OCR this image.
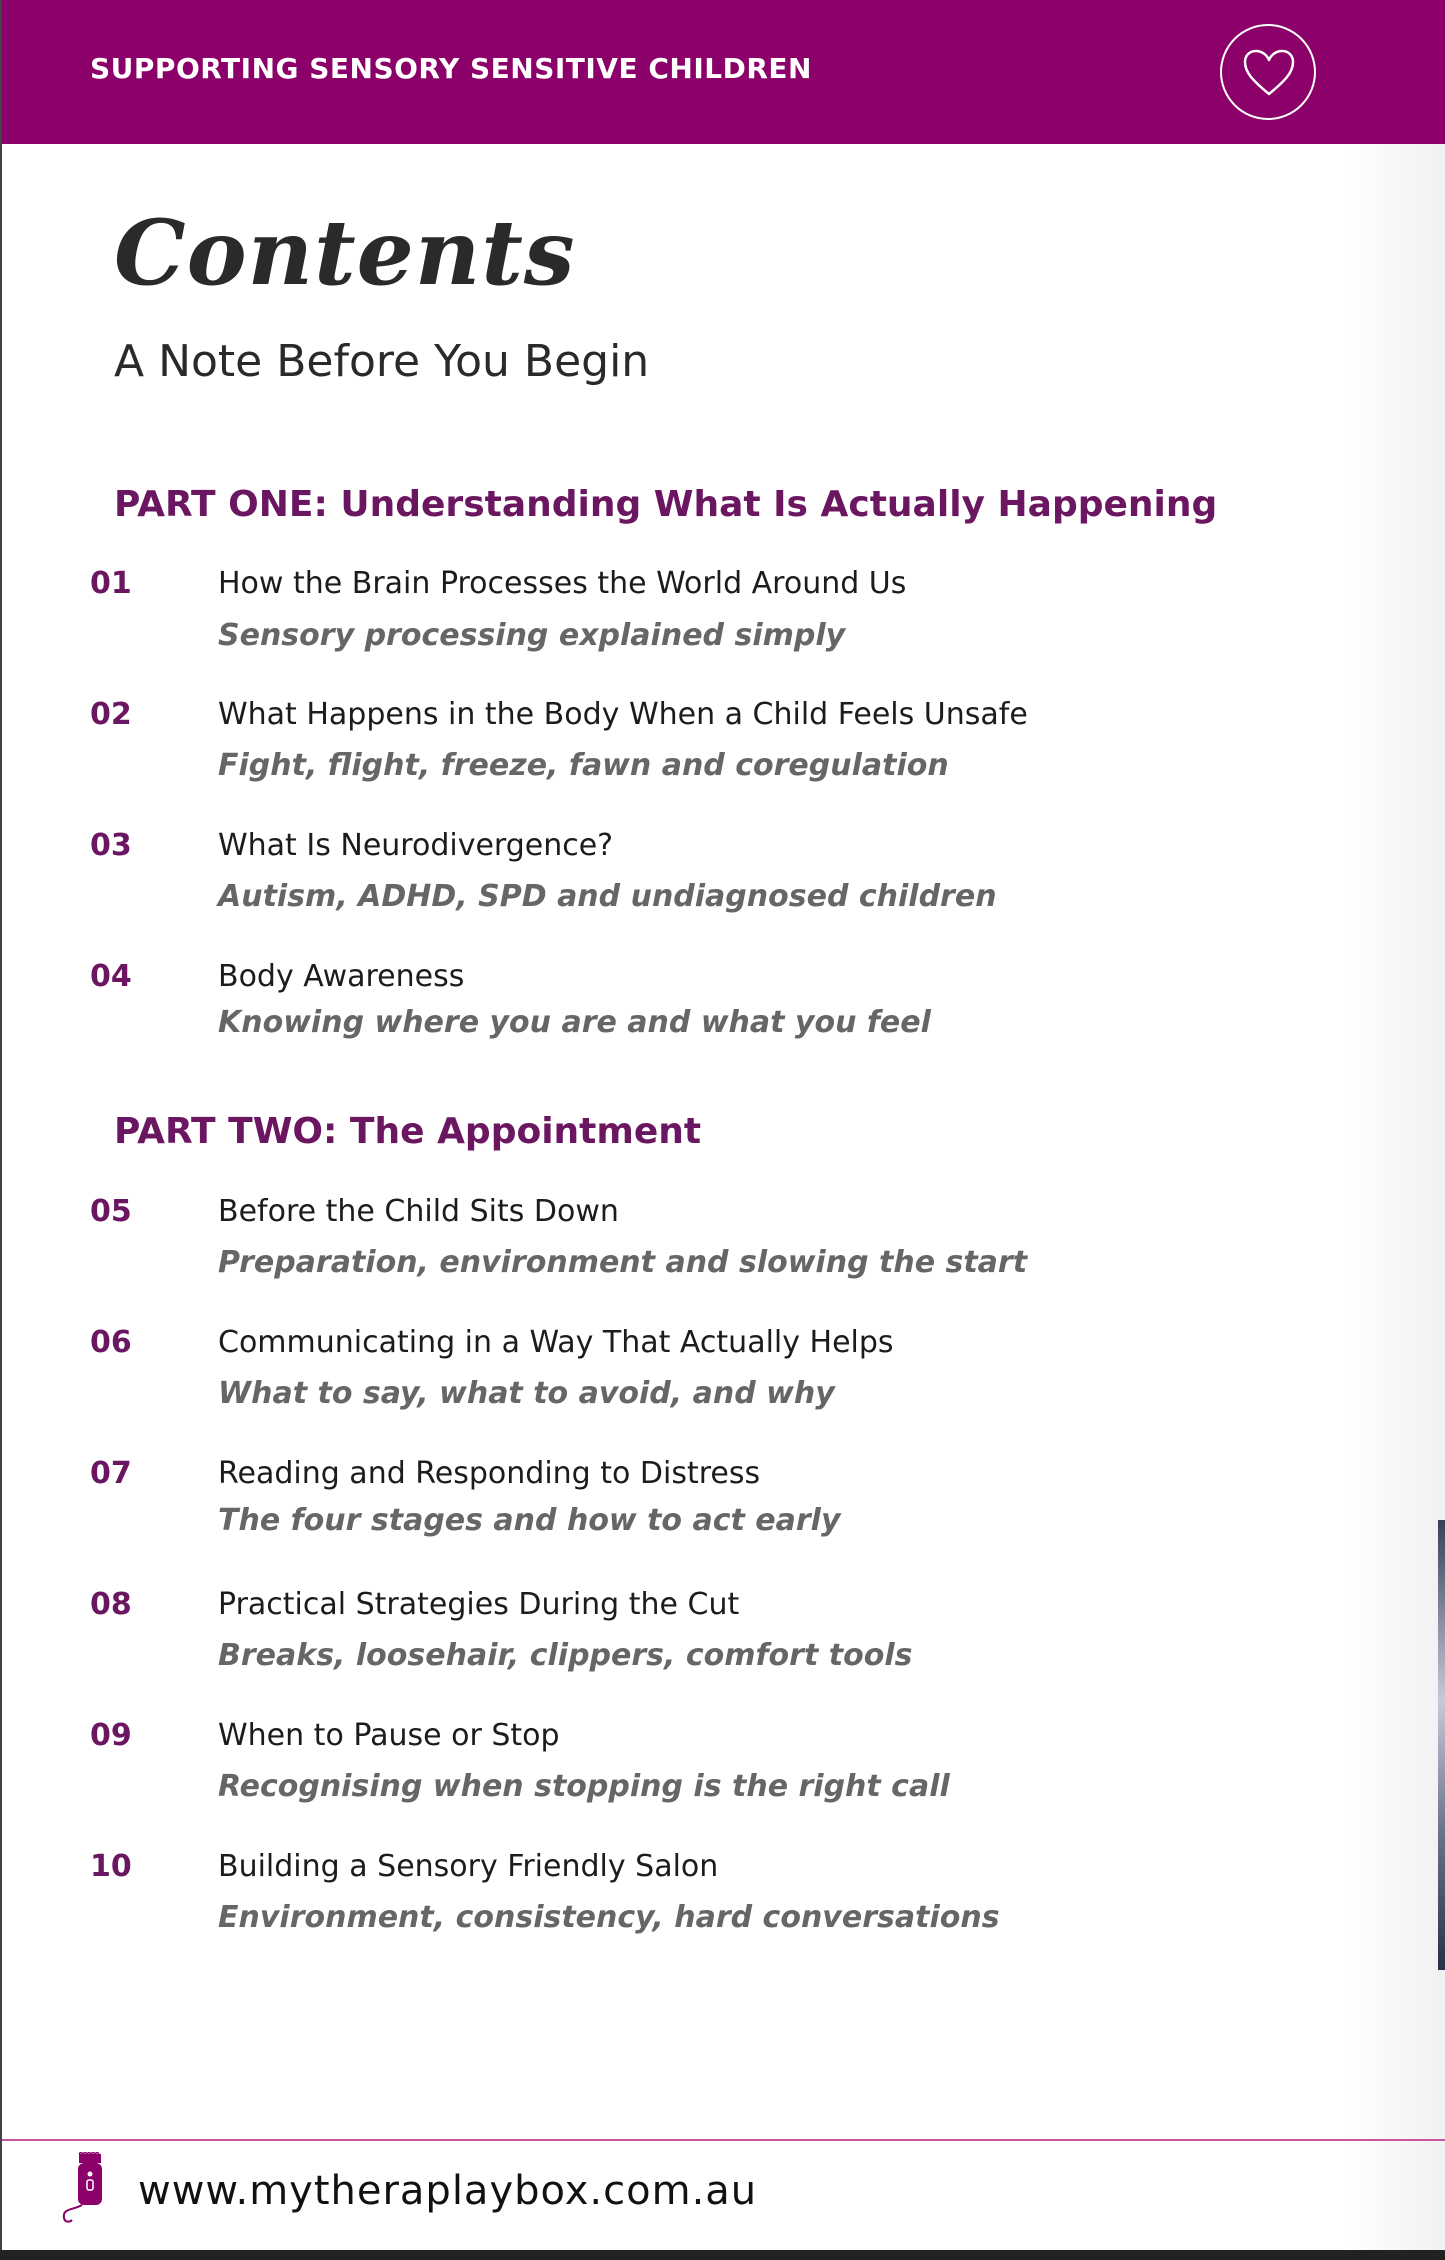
SUPPORTING SENSORY SENSITIVE CHILDREN
Contents
A Note Before You Begin
PART ONE: Understanding What Is Actually Happening
01	How the Brain Processes the World Around Us
Sensory processing explained simply
02	What Happens in the Body When a Child Feels Unsafe
Fight, flight, freeze, fawn and coregulation
03	What Is Neurodivergence?
Autism, ADHD, SPD and undiagnosed children
04	Body Awareness
Knowing where you are and what you feel
PART TWO: The Appointment
05	Before the Child Sits Down
Preparation, environment and slowing the start
06	Communicating in a Way That Actually Helps
What to say, what to avoid, and why
07	Reading and Responding to Distress
The four stages and how to act early
08	Practical Strategies During the Cut
Breaks, loosehair, clippers, comfort tools
09	When to Pause or Stop
Recognising when stopping is the right call
10	Building a Sensory Friendly Salon
Environment, consistency, hard conversations
www.mytheraplaybox.com.au
